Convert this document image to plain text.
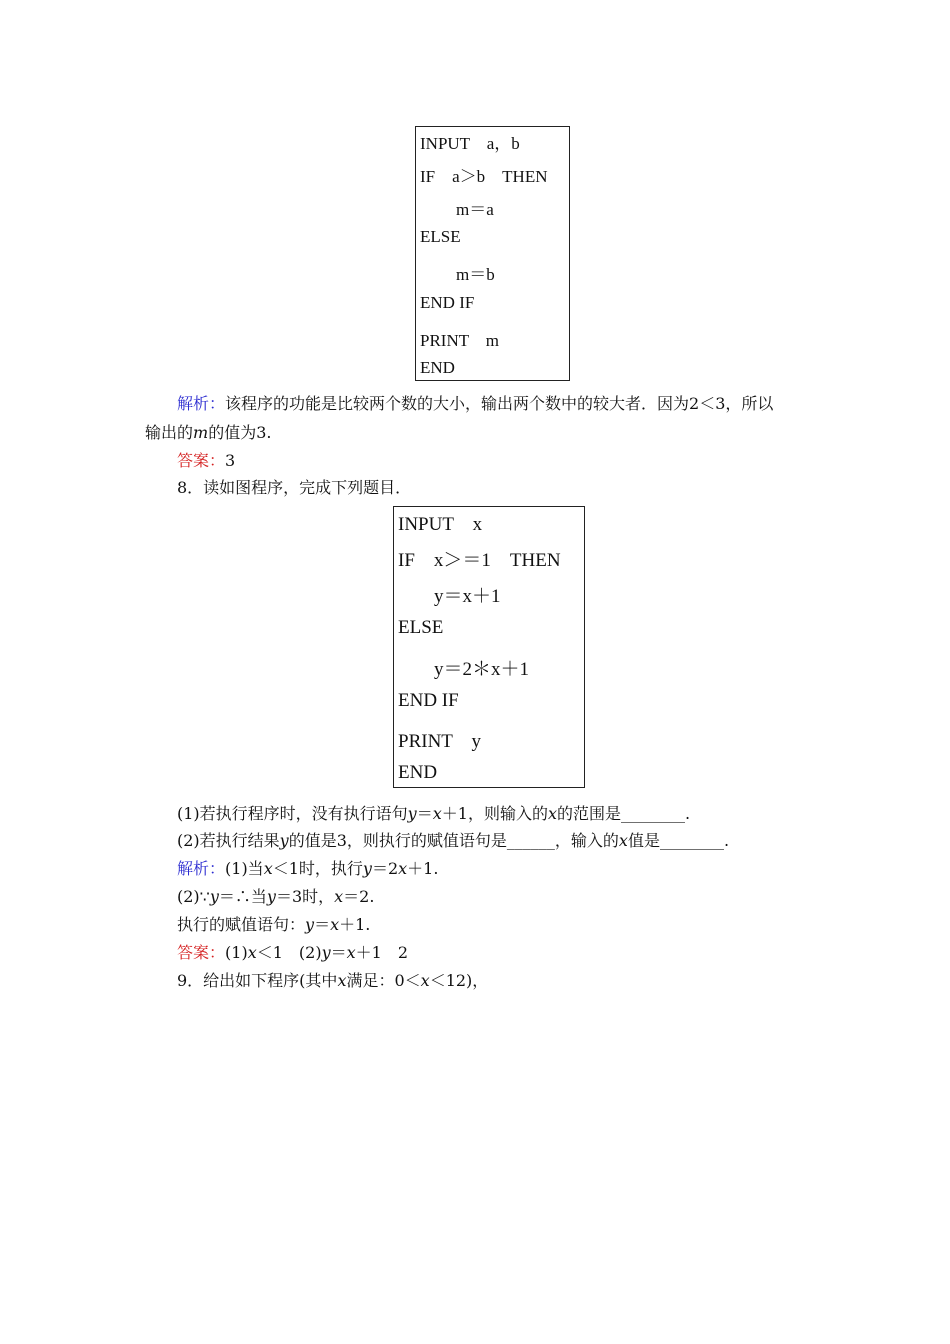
INPUT　a，b
IF　a＞b　THEN
m＝a
ELSE
m＝b
END IF
PRINT　m
END
解析：该程序的功能是比较两个数的大小，输出两个数中的较大者．因为2＜3，所以
输出的m的值为3.
答案：3
8．读如图程序，完成下列题目．
INPUT　x
IF　x＞＝1　THEN
y＝x＋1
ELSE
y＝2＊x＋1
END IF
PRINT　y
END
(1)若执行程序时，没有执行语句y＝x＋1，则输入的x的范围是________.
(2)若执行结果y的值是3，则执行的赋值语句是______，输入的x值是________.
解析：(1)当x＜1时，执行y＝2x＋1.
(2)∵y＝∴当y＝3时，x＝2.
执行的赋值语句：y＝x＋1.
答案：(1)x＜1　(2)y＝x＋1　2
9．给出如下程序(其中x满足：0＜x＜12)，
